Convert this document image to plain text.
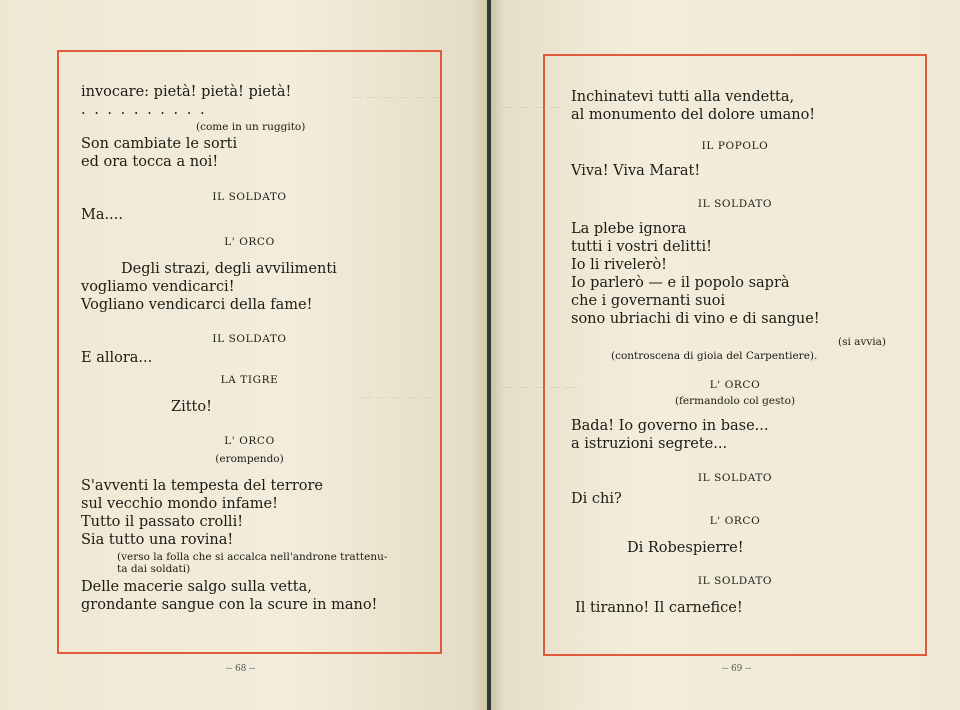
— — — — — —
— — — — —
invocare: pietà! pietà! pietà!
. . . . . . . . . .
(come in un ruggito)
Son cambiate le sorti
ed ora tocca a noi!
IL SOLDATO
Ma....
L' ORCO
Degli strazi, degli avvilimenti
vogliamo vendicarci!
Vogliano vendicarci della fame!
IL SOLDATO
E allora...
LA TIGRE
Zitto!
L' ORCO
(erompendo)
S'avventi la tempesta del terrore
sul vecchio mondo infame!
Tutto il passato crolli!
Sia tutto una rovina!
(verso la folla che si accalca nell'androne trattenu-
ta dai soldati)
Delle macerie salgo sulla vetta,
grondante sangue con la scure in mano!
-- 68 --
— — — —
— — — — —
Inchinatevi tutti alla vendetta,
al monumento del dolore umano!
IL POPOLO
Viva! Viva Marat!
IL SOLDATO
La plebe ignora
tutti i vostri delitti!
Io li rivelerò!
Io parlerò — e il popolo saprà
che i governanti suoi
sono ubriachi di vino e di sangue!
(si avvia)
(controscena di gioia del Carpentiere).
L' ORCO
(fermandolo col gesto)
Bada! Io governo in base...
a istruzioni segrete...
IL SOLDATO
Di chi?
L' ORCO
Di Robespierre!
IL SOLDATO
Il tiranno! Il carnefice!
-- 69 --
